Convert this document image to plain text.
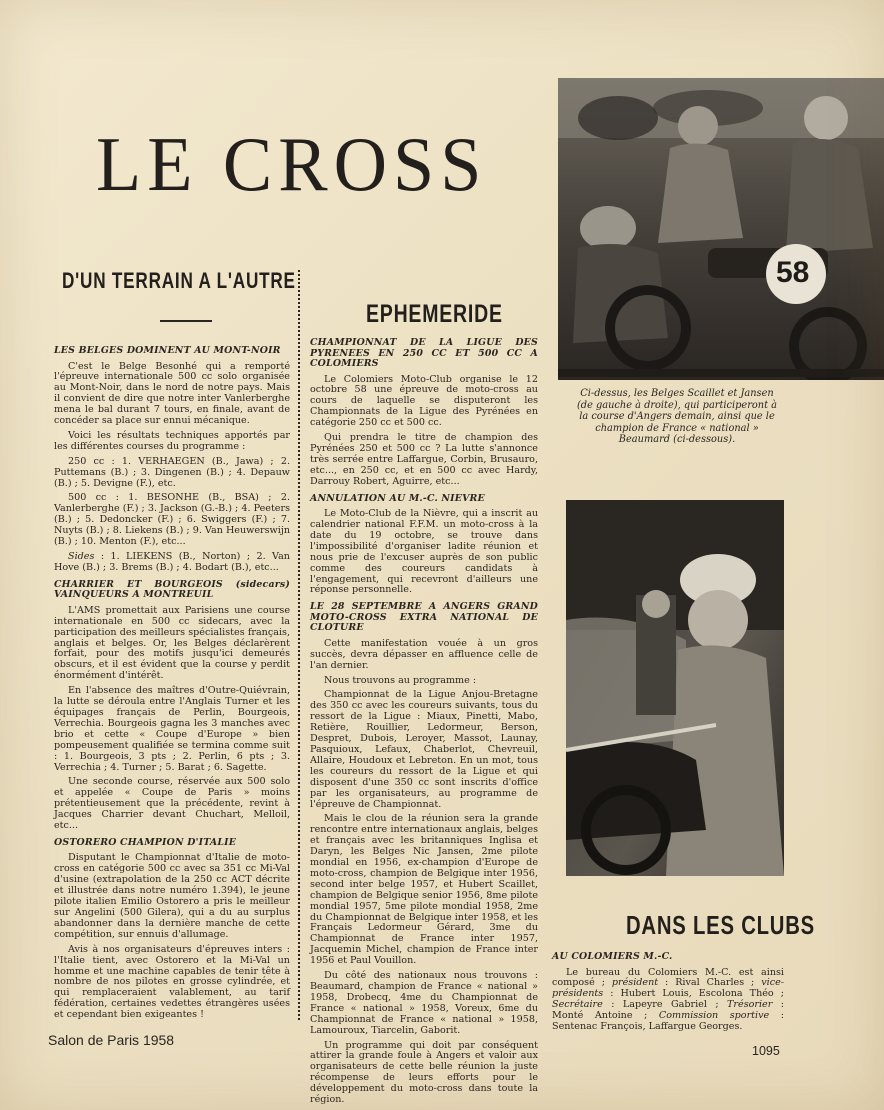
LE CROSS
D'UN TERRAIN A L'AUTRE
LES BELGES DOMINENT AU MONT-NOIR

C'est le Belge Besonhé qui a remporté l'épreuve internationale 500 cc solo organisée au Mont-Noir, dans le nord de notre pays. Mais il convient de dire que notre inter Vanlerberghe mena le bal durant 7 tours, en finale, avant de concéder sa place sur ennui mécanique.

Voici les résultats techniques apportés par les différentes courses du programme :

250 cc : 1. VERHAEGEN (B., Jawa) ; 2. Puttemans (B.) ; 3. Dingenen (B.) ; 4. Depauw (B.) ; 5. Devigne (F.), etc.

500 cc : 1. BESONHE (B., BSA) ; 2. Vanlerberghe (F.) ; 3. Jackson (G.-B.) ; 4. Peeters (B.) ; 5. Dedoncker (F.) ; 6. Swiggers (F.) ; 7. Nuyts (B.) ; 8. Liekens (B.) ; 9. Van Heuwerswijn (B.) ; 10. Menton (F.), etc...

Sides : 1. LIEKENS (B., Norton) ; 2. Van Hove (B.) ; 3. Brems (B.) ; 4. Bodart (B.), etc...

CHARRIER ET BOURGEOIS (sidecars) VAINQUEURS A MONTREUIL

L'AMS promettait aux Parisiens une course internationale en 500 cc sidecars, avec la participation des meilleurs spécialistes français, anglais et belges. Or, les Belges déclarèrent forfait, pour des motifs jusqu'ici demeurés obscurs, et il est évident que la course y perdit énormément d'intérêt.

En l'absence des maîtres d'Outre-Quiévrain, la lutte se déroula entre l'Anglais Turner et les équipages français de Perlin, Bourgeois, Verrechia. Bourgeois gagna les 3 manches avec brio et cette « Coupe d'Europe » bien pompeusement qualifiée se termina comme suit : 1. Bourgeois, 3 pts ; 2. Perlin, 6 pts ; 3. Verrechia ; 4. Turner ; 5. Barat ; 6. Sagette.

Une seconde course, réservée aux 500 solo et appelée « Coupe de Paris » moins prétentieusement que la précédente, revint à Jacques Charrier devant Chuchart, Melloil, etc...

OSTORERO CHAMPION D'ITALIE

Disputant le Championnat d'Italie de moto-cross en catégorie 500 cc avec sa 351 cc Mi-Val d'usine (extrapolation de la 250 cc ACT décrite et illustrée dans notre numéro 1.394), le jeune pilote italien Emilio Ostorero a pris le meilleur sur Angelini (500 Gilera), qui a du au surplus abandonner dans la dernière manche de cette compétition, sur ennuis d'allumage.

Avis à nos organisateurs d'épreuves inters : l'Italie tient, avec Ostorero et la Mi-Val un homme et une machine capables de tenir tête à nombre de nos pilotes en grosse cylindrée, et qui remplaceraient valablement, au tarif fédération, certaines vedettes étrangères usées et cependant bien exigeantes !

EPHEMERIDE
CHAMPIONNAT DE LA LIGUE DES PYRENEES EN 250 CC ET 500 CC A COLOMIERS

Le Colomiers Moto-Club organise le 12 octobre 58 une épreuve de moto-cross au cours de laquelle se disputeront les Championnats de la Ligue des Pyrénées en catégorie 250 cc et 500 cc.

Qui prendra le titre de champion des Pyrénées 250 et 500 cc ? La lutte s'annonce très serrée entre Laffargue, Corbin, Brusauro, etc..., en 250 cc, et en 500 cc avec Hardy, Darrouy Robert, Aguirre, etc...

ANNULATION AU M.-C. NIEVRE

Le Moto-Club de la Nièvre, qui a inscrit au calendrier national F.F.M. un moto-cross à la date du 19 octobre, se trouve dans l'impossibilité d'organiser ladite réunion et nous prie de l'excuser auprès de son public comme des coureurs candidats à l'engagement, qui recevront d'ailleurs une réponse personnelle.

LE 28 SEPTEMBRE A ANGERS GRAND MOTO-CROSS EXTRA NATIONAL DE CLOTURE

Cette manifestation vouée à un gros succès, devra dépasser en affluence celle de l'an dernier.

Nous trouvons au programme :

Championnat de la Ligue Anjou-Bretagne des 350 cc avec les coureurs suivants, tous du ressort de la Ligue : Miaux, Pinetti, Mabo, Retière, Rouillier, Ledormeur, Berson, Despret, Dubois, Leroyer, Massot, Launay, Pasquioux, Lefaux, Chaberlot, Chevreuil, Allaire, Houdoux et Lebreton. En un mot, tous les coureurs du ressort de la Ligue et qui disposent d'une 350 cc sont inscrits d'office par les organisateurs, au programme de l'épreuve de Championnat.

Mais le clou de la réunion sera la grande rencontre entre internationaux anglais, belges et français avec les britanniques Inglisa et Daryn, les Belges Nic Jansen, 2me pilote mondial en 1956, ex-champion d'Europe de moto-cross, champion de Belgique inter 1956, second inter belge 1957, et Hubert Scaillet, champion de Belgique senior 1956, 8me pilote mondial 1957, 5me pilote mondial 1958, 2me du Championnat de Belgique inter 1958, et les Français Ledormeur Gérard, 3me du Championnat de France inter 1957, Jacquemin Michel, champion de France inter 1956 et Paul Vouillon.

Du côté des nationaux nous trouvons : Beaumard, champion de France « national » 1958, Drobecq, 4me du Championnat de France « national » 1958, Voreux, 6me du Championnat de France « national » 1958, Lamouroux, Tiarcelin, Gaborit.

Un programme qui doit par conséquent attirer la grande foule à Angers et valoir aux organisateurs de cette belle réunion la juste récompense de leurs efforts pour le développement du moto-cross dans toute la région.

58
Ci-dessus, les Belges Scaillet et Jansen (de gauche à droite), qui participeront à la course d'Angers demain, ainsi que le champion de France « national » Beaumard (ci-dessous).
DANS LES CLUBS
AU COLOMIERS M.-C.

Le bureau du Colomiers M.-C. est ainsi composé ; président : Rival Charles ; vice-présidents : Hubert Louis, Escolona Théo ; Secrétaire : Lapeyre Gabriel ; Trésorier : Monté Antoine ; Commission sportive : Sentenac François, Laffargue Georges.

Salon de Paris 1958
1095
